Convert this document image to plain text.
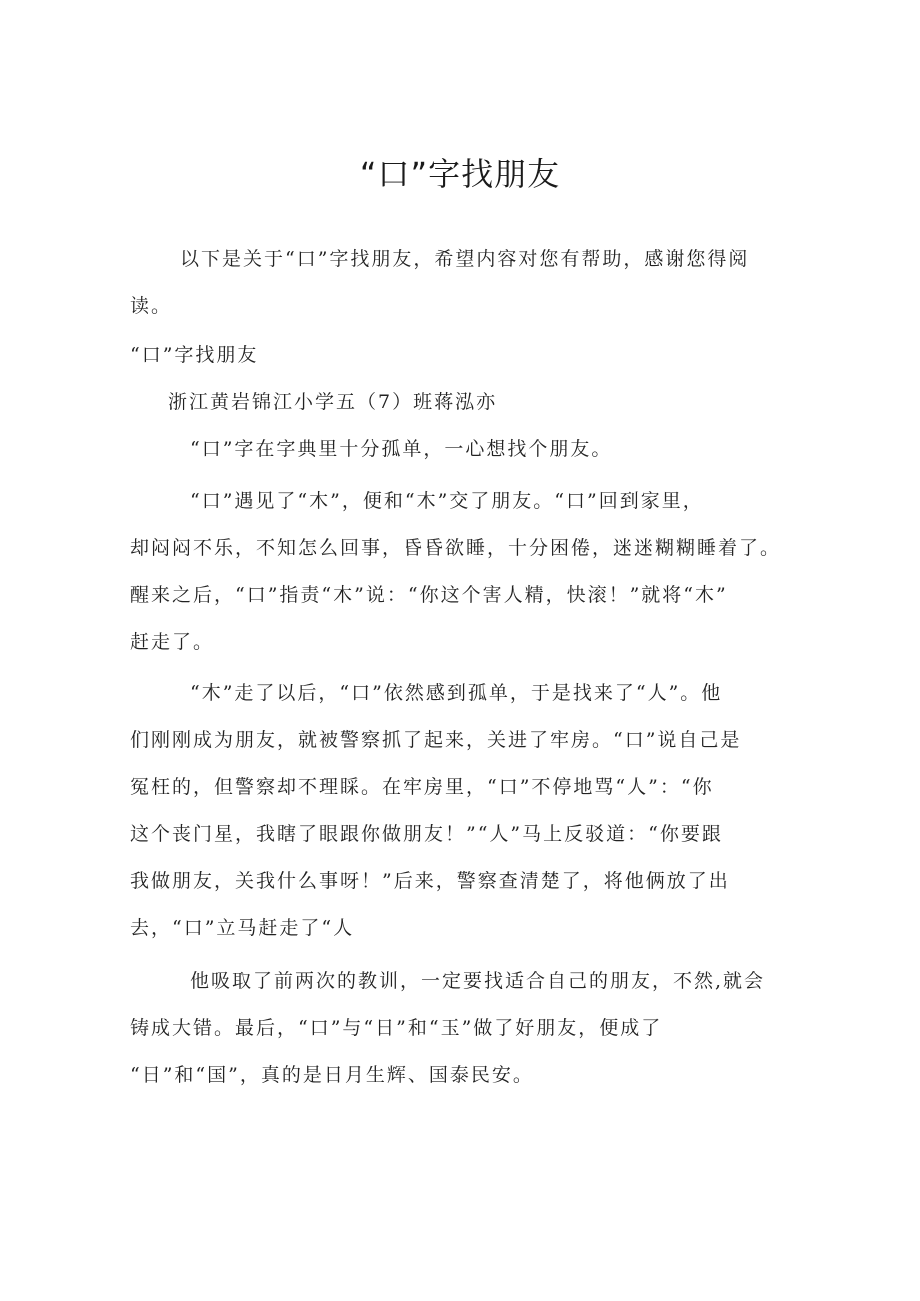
“口”字找朋友
以下是关于“口”字找朋友，希望内容对您有帮助，感谢您得阅
读。
“口”字找朋友
浙江黄岩锦江小学五（7）班蒋泓亦
“口”字在字典里十分孤单，一心想找个朋友。
“口”遇见了“木”，便和“木”交了朋友。“口”回到家里，
却闷闷不乐，不知怎么回事，昏昏欲睡，十分困倦，迷迷糊糊睡着了。
醒来之后，“口”指责“木”说：“你这个害人精，快滚！”就将“木”
赶走了。
“木”走了以后，“口”依然感到孤单，于是找来了“人”。他
们刚刚成为朋友，就被警察抓了起来，关进了牢房。“口”说自己是
冤枉的，但警察却不理睬。在牢房里，“口”不停地骂“人”：“你
这个丧门星，我瞎了眼跟你做朋友！”“人”马上反驳道：“你要跟
我做朋友，关我什么事呀！”后来，警察查清楚了，将他俩放了出
去，“口”立马赶走了“人
他吸取了前两次的教训，一定要找适合自己的朋友，不然,就会
铸成大错。最后，“口”与“日”和“玉”做了好朋友，便成了
“日”和“国”，真的是日月生辉、国泰民安。
